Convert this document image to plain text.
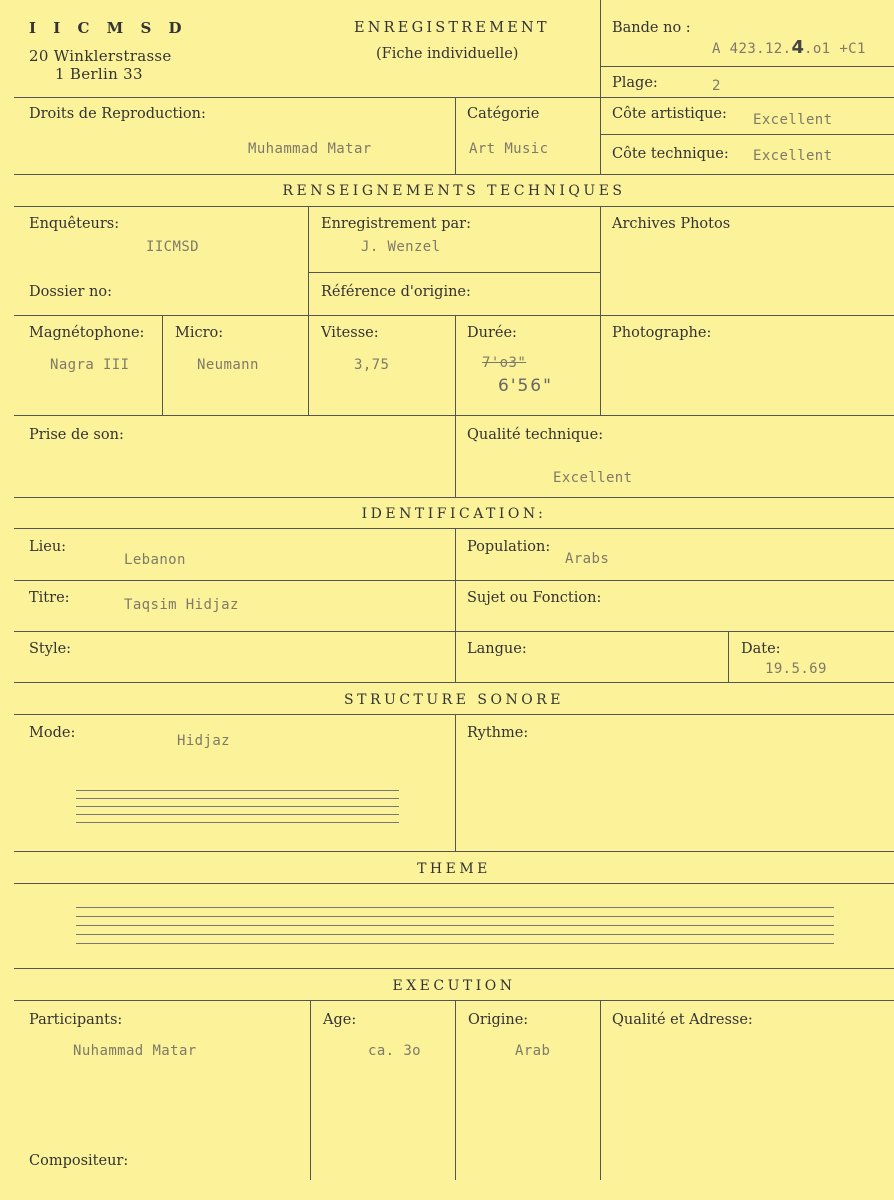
I I C M S D
20 Winklerstrasse
1 Berlin 33
ENREGISTREMENT
(Fiche individuelle)
Bande no :
A 423.12.4.o1 +C1
Plage:	2
Droits de Reproduction:
Muhammad Matar
Catégorie
Art Music
Côte artistique: Excellent
Côte technique: Excellent
RENSEIGNEMENTS TECHNIQUES
Enquêteurs:
IICMSD
Enregistrement par:
J. Wenzel
Archives Photos
Dossier no:	Référence d'origine:
Magnétophone:
Nagra III
Micro:
Neumann
Vitesse:
3,75
Durée:
7'o3"
6'56"
Photographe:
Prise de son:	Qualité technique:
Excellent
IDENTIFICATION:
Lieu:
Lebanon
Population:
Arabs
Titre:	Taqsim Hidjaz	Sujet ou Fonction:
Style:	Langue:	Date:
19.5.69
STRUCTURE SONORE
Mode:	Hidjaz	Rythme:
THEME
EXECUTION
Participants:
Nuhammad Matar
Age:
ca. 3o
Origine:
Arab
Qualité et Adresse:
Compositeur:
